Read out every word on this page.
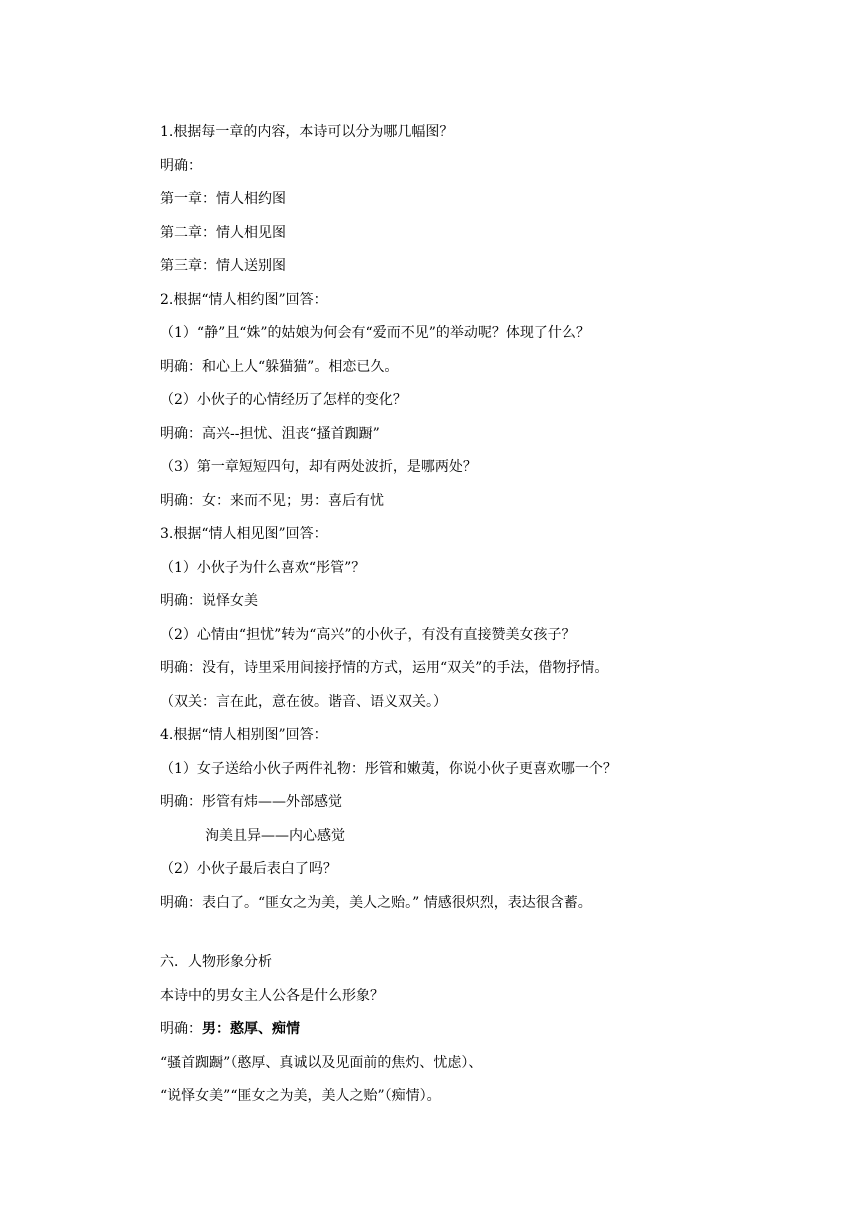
1.根据每一章的内容，本诗可以分为哪几幅图？
明确：
第一章：情人相约图
第二章：情人相见图
第三章：情人送别图
2.根据“情人相约图”回答：
（1）“静”且“姝”的姑娘为何会有“爱而不见”的举动呢？体现了什么？
明确：和心上人“躲猫猫”。相恋已久。
（2）小伙子的心情经历了怎样的变化？
明确：高兴--担忧、沮丧“搔首踟蹰”
（3）第一章短短四句，却有两处波折，是哪两处？
明确：女：来而不见；男：喜后有忧
3.根据“情人相见图”回答：
（1）小伙子为什么喜欢“彤管”？
明确：说怿女美
（2）心情由“担忧”转为“高兴”的小伙子，有没有直接赞美女孩子？
明确：没有，诗里采用间接抒情的方式，运用“双关”的手法，借物抒情。
（双关：言在此，意在彼。谐音、语义双关。）
4.根据“情人相别图”回答：
（1）女子送给小伙子两件礼物：彤管和嫩荑，你说小伙子更喜欢哪一个？
明确：彤管有炜——外部感觉
洵美且异——内心感觉
（2）小伙子最后表白了吗？
明确：表白了。“匪女之为美，美人之贻。” 情感很炽烈，表达很含蓄。
六．人物形象分析
本诗中的男女主人公各是什么形象？
明确：男：憨厚、痴情
“骚首踟蹰”（憨厚、真诚以及见面前的焦灼、忧虑）、
“说怿女美”“匪女之为美，美人之贻”（痴情）。
